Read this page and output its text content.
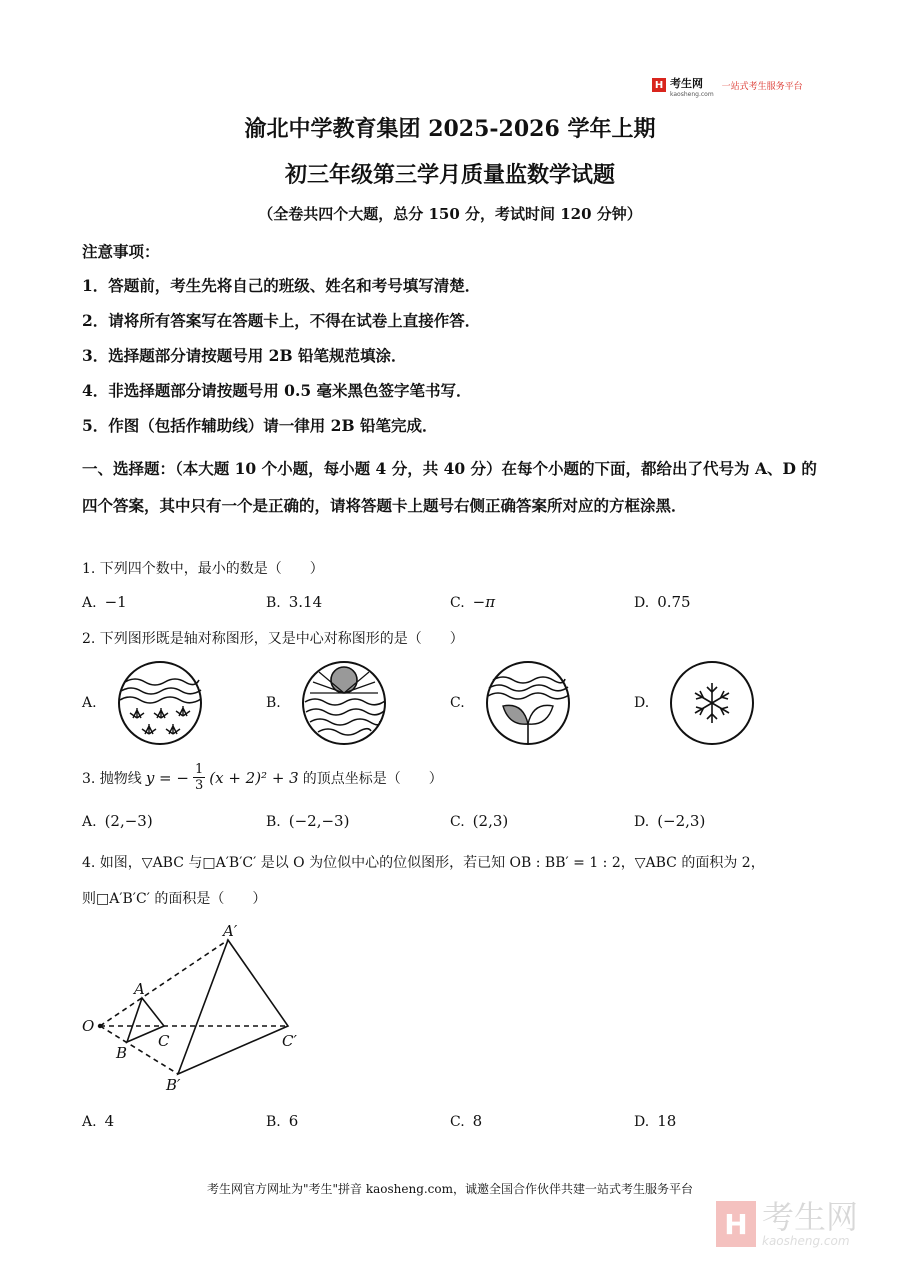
H 考生网
kaosheng.com
一站式考生服务平台
渝北中学教育集团 2025-2026 学年上期
初三年级第三学月质量监数学试题
（全卷共四个大题，总分 150 分，考试时间 120 分钟）
注意事项：
1．答题前，考生先将自己的班级、姓名和考号填写清楚．
2．请将所有答案写在答题卡上，不得在试卷上直接作答．
3．选择题部分请按题号用 2B 铅笔规范填涂．
4．非选择题部分请按题号用 0.5 毫米黑色签字笔书写．
5．作图（包括作辅助线）请一律用 2B 铅笔完成．
一、选择题：（本大题 10 个小题，每小题 4 分，共 40 分）在每个小题的下面，都给出了代号为 A、D 的四个答案，其中只有一个是正确的，请将答题卡上题号右侧正确答案所对应的方框涂黑．
1. 下列四个数中，最小的数是（　　）
A. −1	B. 3.14	C. −π	D. 0.75
2. 下列图形既是轴对称图形，又是中心对称图形的是（　　）
A.	B.	C.	D.
3. 抛物线 y = − $\frac{1}{3} (x + 2)^2 + 3$ 的顶点坐标是（　　）
A. (2,−3)	B. (−2,−3)	C. (2,3)	D. (−2,3)
4. 如图，▽ABC 与□A′B′C′ 是以 O 为位似中心的位似图形，若已知 OB : BB′ = 1 : 2，▽ABC 的面积为 2，
则□A′B′C′ 的面积是（　　）
O
A
B
C
A′
B′
C′
A. 4	B. 6	C. 8	D. 18
考生网官方网址为"考生"拼音 kaosheng.com，诚邀全国合作伙伴共建一站式考生服务平台
H 考生网
kaosheng.com
